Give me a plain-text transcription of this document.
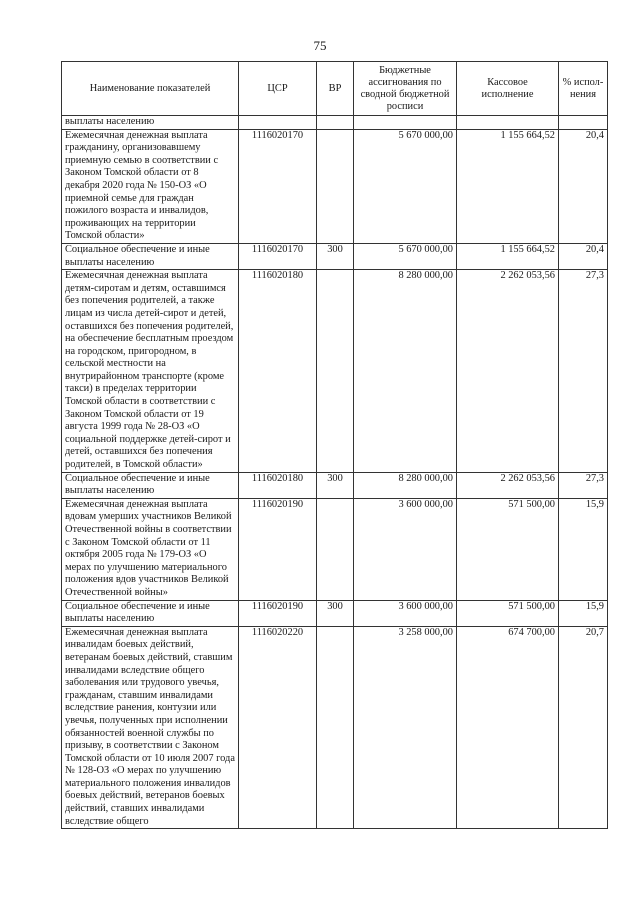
75
Наименование показателей	ЦСР	ВР	Бюджетные ассигнования по сводной бюджетной росписи	Кассовое исполнение	% испол-нения
выплаты населению					
Ежемесячная денежная выплата гражданину, организовавшему приемную семью в соответствии с Законом Томской области от 8 декабря 2020 года № 150-ОЗ «О приемной семье для граждан пожилого возраста и инвалидов, проживающих на территории Томской области»	1116020170		5 670 000,00	1 155 664,52	20,4
Социальное обеспечение и иные выплаты населению	1116020170	300	5 670 000,00	1 155 664,52	20,4
Ежемесячная денежная выплата детям-сиротам и детям, оставшимся без попечения родителей, а также лицам из числа детей-сирот и детей, оставшихся без попечения родителей, на обеспечение бесплатным проездом на городском, пригородном, в сельской местности на внутрирайонном транспорте (кроме такси) в пределах территории Томской области в соответствии с Законом Томской области от 19 августа 1999 года № 28-ОЗ «О социальной поддержке детей-сирот и детей, оставшихся без попечения родителей, в Томской области»	1116020180		8 280 000,00	2 262 053,56	27,3
Социальное обеспечение и иные выплаты населению	1116020180	300	8 280 000,00	2 262 053,56	27,3
Ежемесячная денежная выплата вдовам умерших участников Великой Отечественной войны в соответствии с Законом Томской области от 11 октября 2005 года № 179-ОЗ «О мерах по улучшению материального положения вдов участников Великой Отечественной войны»	1116020190		3 600 000,00	571 500,00	15,9
Социальное обеспечение и иные выплаты населению	1116020190	300	3 600 000,00	571 500,00	15,9
Ежемесячная денежная выплата инвалидам боевых действий, ветеранам боевых действий, ставшим инвалидами вследствие общего заболевания или трудового увечья, гражданам, ставшим инвалидами вследствие ранения, контузии или увечья, полученных при исполнении обязанностей военной службы по призыву, в соответствии с Законом Томской области от 10 июля 2007 года № 128-ОЗ «О мерах по улучшению материального положения инвалидов боевых действий, ветеранов боевых действий, ставших инвалидами вследствие общего	1116020220		3 258 000,00	674 700,00	20,7
